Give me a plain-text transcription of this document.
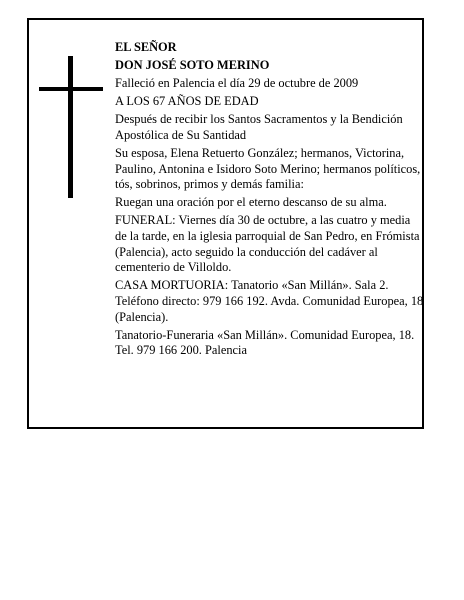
EL SEÑOR

DON JOSÉ SOTO MERINO

Falleció en Palencia el día 29 de octubre de 2009

A LOS 67 AÑOS DE EDAD

Después de recibir los Santos Sacramentos y la Bendición Apostólica de Su Santidad

Su esposa, Elena Retuerto González; hermanos, Victorina, Paulino, Antonina e Isidoro Soto Merino; hermanos políticos, tós, sobrinos, primos y demás familia:

Ruegan una oración por el eterno descanso de su alma.

FUNERAL: Viernes día 30 de octubre, a las cuatro y media de la tarde, en la iglesia parroquial de San Pedro, en Frómista (Palencia), acto seguido la conducción del cadáver al cementerio de Villoldo.

CASA MORTUORIA: Tanatorio «San Millán». Sala 2. Teléfono directo: 979 166 192. Avda. Comunidad Europea, 18 (Palencia).

Tanatorio-Funeraria «San Millán». Comunidad Europea, 18. Tel. 979 166 200. Palencia
